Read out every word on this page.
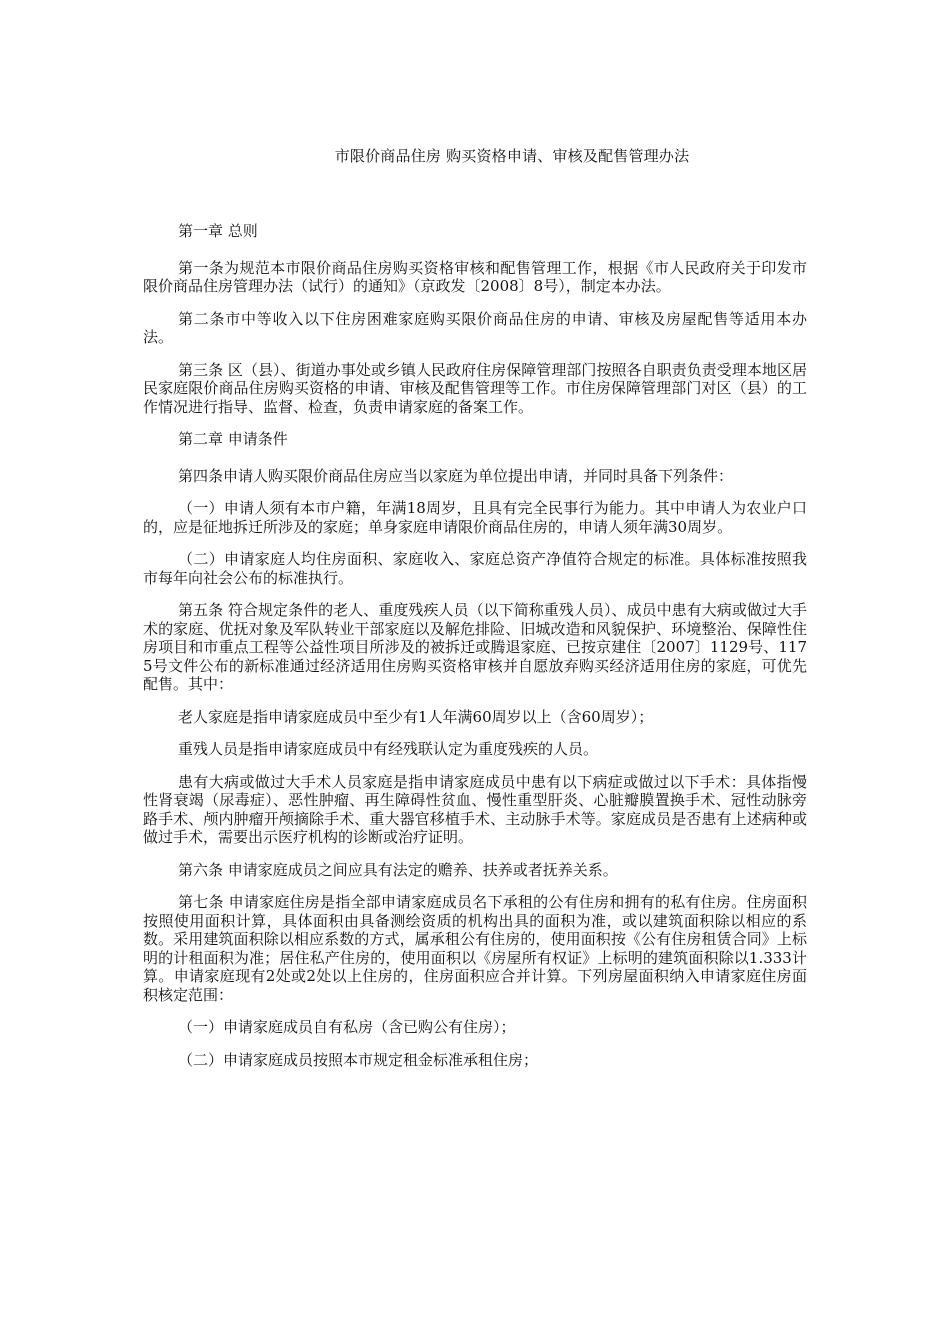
市限价商品住房 购买资格申请、审核及配售管理办法

第一章 总则

第一条为规范本市限价商品住房购买资格审核和配售管理工作，根据《市人民政府关于印发市限价商品住房管理办法（试行）的通知》（京政发〔2008〕8号），制定本办法。

第二条市中等收入以下住房困难家庭购买限价商品住房的申请、审核及房屋配售等适用本办法。

第三条 区（县）、街道办事处或乡镇人民政府住房保障管理部门按照各自职责负责受理本地区居民家庭限价商品住房购买资格的申请、审核及配售管理等工作。市住房保障管理部门对区（县）的工作情况进行指导、监督、检查，负责申请家庭的备案工作。

第二章 申请条件

第四条申请人购买限价商品住房应当以家庭为单位提出申请，并同时具备下列条件：

（一）申请人须有本市户籍，年满18周岁，且具有完全民事行为能力。其中申请人为农业户口的，应是征地拆迁所涉及的家庭；单身家庭申请限价商品住房的，申请人须年满30周岁。

（二）申请家庭人均住房面积、家庭收入、家庭总资产净值符合规定的标准。具体标准按照我市每年向社会公布的标准执行。

第五条 符合规定条件的老人、重度残疾人员（以下简称重残人员）、成员中患有大病或做过大手术的家庭、优抚对象及军队转业干部家庭以及解危排险、旧城改造和风貌保护、环境整治、保障性住房项目和市重点工程等公益性项目所涉及的被拆迁或腾退家庭、已按京建住〔2007〕1129号、1175号文件公布的新标准通过经济适用住房购买资格审核并自愿放弃购买经济适用住房的家庭，可优先配售。其中：

老人家庭是指申请家庭成员中至少有1人年满60周岁以上（含60周岁）；

重残人员是指申请家庭成员中有经残联认定为重度残疾的人员。

患有大病或做过大手术人员家庭是指申请家庭成员中患有以下病症或做过以下手术：具体指慢性肾衰竭（尿毒症）、恶性肿瘤、再生障碍性贫血、慢性重型肝炎、心脏瓣膜置换手术、冠性动脉旁路手术、颅内肿瘤开颅摘除手术、重大器官移植手术、主动脉手术等。家庭成员是否患有上述病种或做过手术，需要出示医疗机构的诊断或治疗证明。

第六条 申请家庭成员之间应具有法定的赡养、扶养或者抚养关系。

第七条 申请家庭住房是指全部申请家庭成员名下承租的公有住房和拥有的私有住房。住房面积按照使用面积计算，具体面积由具备测绘资质的机构出具的面积为准，或以建筑面积除以相应的系数。采用建筑面积除以相应系数的方式，属承租公有住房的，使用面积按《公有住房租赁合同》上标明的计租面积为准；居住私产住房的，使用面积以《房屋所有权证》上标明的建筑面积除以1.333计算。申请家庭现有2处或2处以上住房的，住房面积应合并计算。下列房屋面积纳入申请家庭住房面积核定范围：

（一）申请家庭成员自有私房（含已购公有住房）；

（二）申请家庭成员按照本市规定租金标准承租住房；
